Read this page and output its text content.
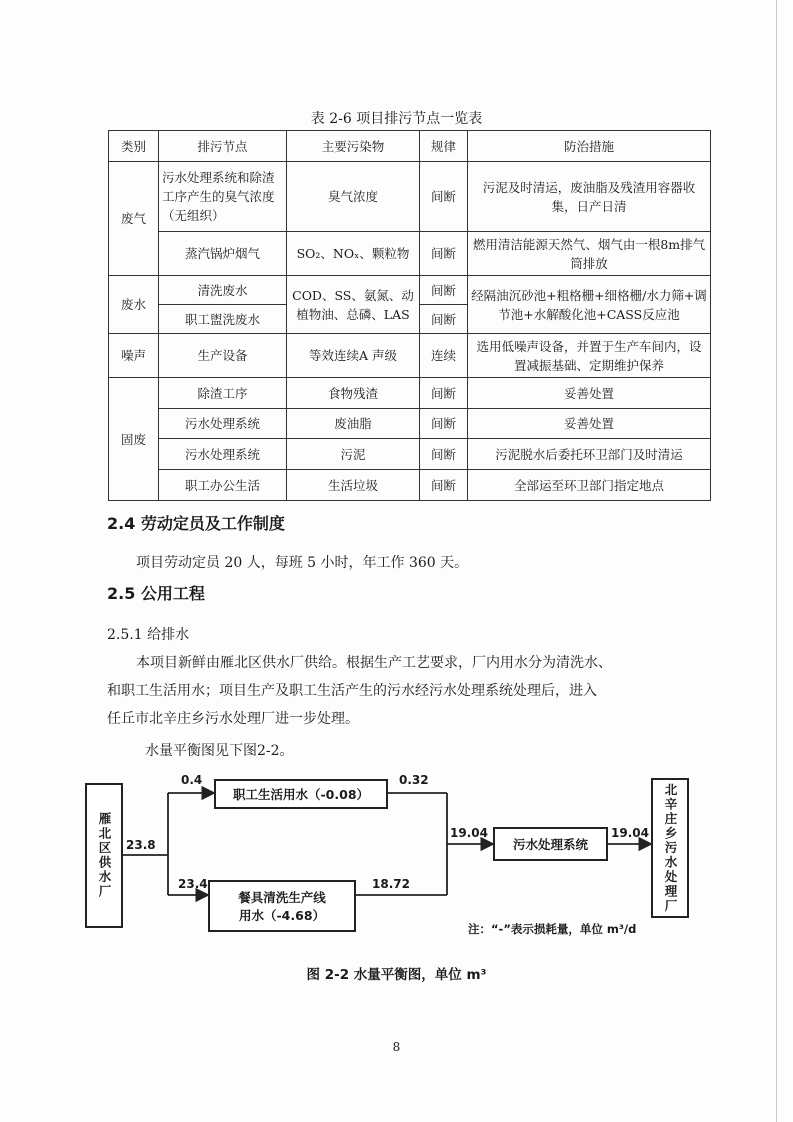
表 2-6 项目排污节点一览表
类别	排污节点	主要污染物	规律	防治措施
废气	污水处理系统和除渣工序产生的臭气浓度（无组织）	臭气浓度	间断	污泥及时清运，废油脂及残渣用容器收集，日产日清
	蒸汽锅炉烟气	SO₂、NOₓ、颗粒物	间断	燃用清洁能源天然气、烟气由一根8m排气筒排放
废水	清洗废水	COD、SS、氨氮、动植物油、总磷、LAS	间断	经隔油沉砂池+粗格栅+细格栅/水力筛+调节池+水解酸化池+CASS反应池
	职工盥洗废水		间断	
噪声	生产设备	等效连续A 声级	连续	选用低噪声设备，并置于生产车间内，设置减振基础、定期维护保养
固废	除渣工序	食物残渣	间断	妥善处置
	污水处理系统	废油脂	间断	妥善处置
	污水处理系统	污泥	间断	污泥脱水后委托环卫部门及时清运
	职工办公生活	生活垃圾	间断	全部运至环卫部门指定地点
2.4 劳动定员及工作制度
项目劳动定员 20 人，每班 5 小时，年工作 360 天。
2.5 公用工程
2.5.1 给排水
本项目新鲜由雁北区供水厂供给。根据生产工艺要求，厂内用水分为清洗水、
和职工生活用水；项目生产及职工生活产生的污水经污水处理系统处理后，进入
任丘市北辛庄乡污水处理厂进一步处理。
水量平衡图见下图2-2。
雁北区供水厂
职工生活用水（-0.08）
餐具清洗生产线
用水（-4.68）
污水处理系统	北辛庄乡污水处理厂
23.8
0.4	0.32
23.4	18.72
19.04	19.04
注：“-”表示损耗量，单位 m³/d
图 2-2 水量平衡图，单位 m³
8
